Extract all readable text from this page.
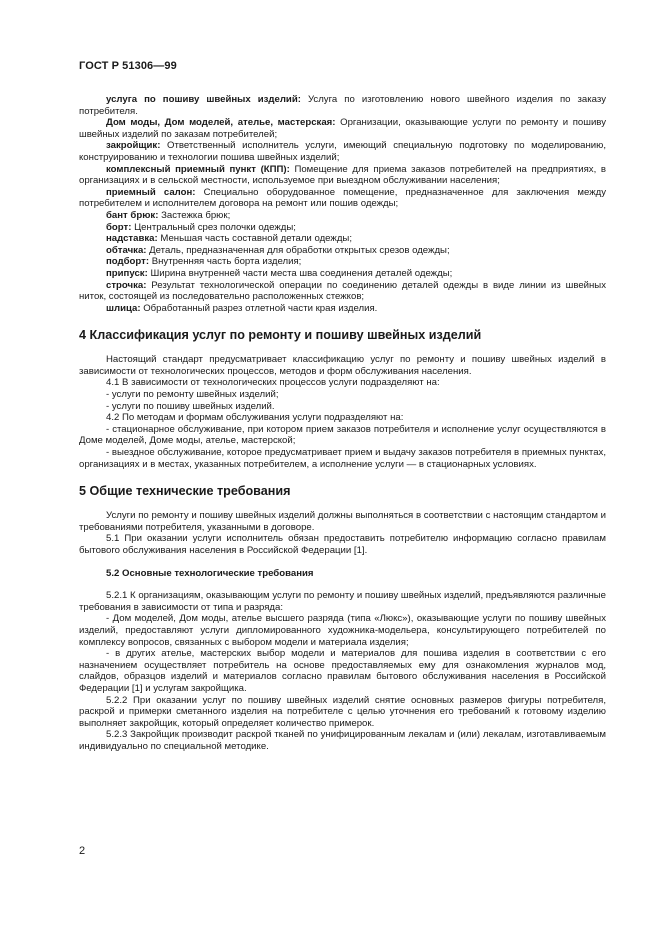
ГОСТ Р 51306—99

услуга по пошиву швейных изделий: Услуга по изготовлению нового швейного изделия по заказу потребителя.

Дом моды, Дом моделей, ателье, мастерская: Организации, оказывающие услуги по ремонту и пошиву швейных изделий по заказам потребителей;

закройщик: Ответственный исполнитель услуги, имеющий специальную подготовку по моделированию, конструированию и технологии пошива швейных изделий;

комплексный приемный пункт (КПП): Помещение для приема заказов потребителей на предприятиях, в организациях и в сельской местности, используемое при выездном обслуживании населения;

приемный салон: Специально оборудованное помещение, предназначенное для заключения между потребителем и исполнителем договора на ремонт или пошив одежды;

бант брюк: Застежка брюк;

борт: Центральный срез полочки одежды;

надставка: Меньшая часть составной детали одежды;

обтачка: Деталь, предназначенная для обработки открытых срезов одежды;

подборт: Внутренняя часть борта изделия;

припуск: Ширина внутренней части места шва соединения деталей одежды;

строчка: Результат технологической операции по соединению деталей одежды в виде линии из швейных ниток, состоящей из последовательно расположенных стежков;

шлица: Обработанный разрез отлетной части края изделия.

4 Классификация услуг по ремонту и пошиву швейных изделий

Настоящий стандарт предусматривает классификацию услуг по ремонту и пошиву швейных изделий в зависимости от технологических процессов, методов и форм обслуживания населения.

4.1 В зависимости от технологических процессов услуги подразделяют на:

- услуги по ремонту швейных изделий;

- услуги по пошиву швейных изделий.

4.2 По методам и формам обслуживания услуги подразделяют на:

- стационарное обслуживание, при котором прием заказов потребителя и исполнение услуг осуществляются в Доме моделей, Доме моды, ателье, мастерской;

- выездное обслуживание, которое предусматривает прием и выдачу заказов потребителя в приемных пунктах, организациях и в местах, указанных потребителем, а исполнение услуги — в стационарных условиях.

5 Общие технические требования

Услуги по ремонту и пошиву швейных изделий должны выполняться в соответствии с настоящим стандартом и требованиями потребителя, указанными в договоре.

5.1 При оказании услуги исполнитель обязан предоставить потребителю информацию согласно правилам бытового обслуживания населения в Российской Федерации [1].

5.2 Основные технологические требования

5.2.1 К организациям, оказывающим услуги по ремонту и пошиву швейных изделий, предъявляются различные требования в зависимости от типа и разряда:

- Дом моделей, Дом моды, ателье высшего разряда (типа «Люкс»), оказывающие услуги по пошиву швейных изделий, предоставляют услуги дипломированного художника-модельера, консультирующего потребителей по комплексу вопросов, связанных с выбором модели и материала изделия;

- в других ателье, мастерских выбор модели и материалов для пошива изделия в соответствии с его назначением осуществляет потребитель на основе предоставляемых ему для ознакомления журналов мод, слайдов, образцов изделий и материалов согласно правилам бытового обслуживания населения в Российской Федерации [1] и услугам закройщика.

5.2.2 При оказании услуг по пошиву швейных изделий снятие основных размеров фигуры потребителя, раскрой и примерки сметанного изделия на потребителе с целью уточнения его требований к готовому изделию выполняет закройщик, который определяет количество примерок.

5.2.3 Закройщик производит раскрой тканей по унифицированным лекалам и (или) лекалам, изготавливаемым индивидуально по специальной методике.

2
